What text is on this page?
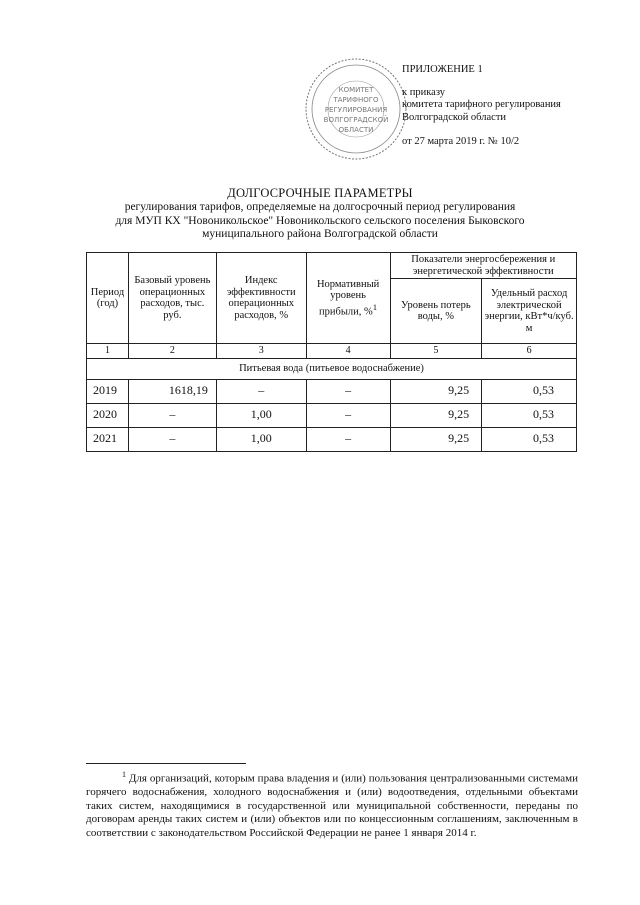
КОМИТЕТ
ТАРИФНОГО
РЕГУЛИРОВАНИЯ
ВОЛГОГРАДСКОЙ
ОБЛАСТИ
ПРИЛОЖЕНИЕ 1
к приказу
комитета тарифного регулирования
Волгоградской области
от 27 марта 2019 г. № 10/2
ДОЛГОСРОЧНЫЕ ПАРАМЕТРЫ
регулирования тарифов, определяемые на долгосрочный период регулирования
для МУП КХ "Новоникольское" Новоникольского сельского поселения Быковского
муниципального района Волгоградской области
Период (год)	Базовый уровень операционных расходов, тыс. руб.	Индекс эффективности операционных расходов, %	Нормативный уровень прибыли, %$^1$	Показатели энергосбережения и энергетической эффективности	
				Уровень потерь воды, %	Удельный расход электрической энергии, кВт*ч/куб. м
1	2	3	4	5	6
Питьевая вода (питьевое водоснабжение)					
2019	1618,19	–	–	9,25	0,53
2020	–	1,00	–	9,25	0,53
2021	–	1,00	–	9,25	0,53
$^1$ Для организаций, которым права владения и (или) пользования централизованными системами горячего водоснабжения, холодного водоснабжения и (или) водоотведения, отдельными объектами таких систем, находящимися в государственной или муниципальной собственности, переданы по договорам аренды таких систем и (или) объектов или по концессионным соглашениям, заключенным в соответствии с законодательством Российской Федерации не ранее 1 января 2014 г.
